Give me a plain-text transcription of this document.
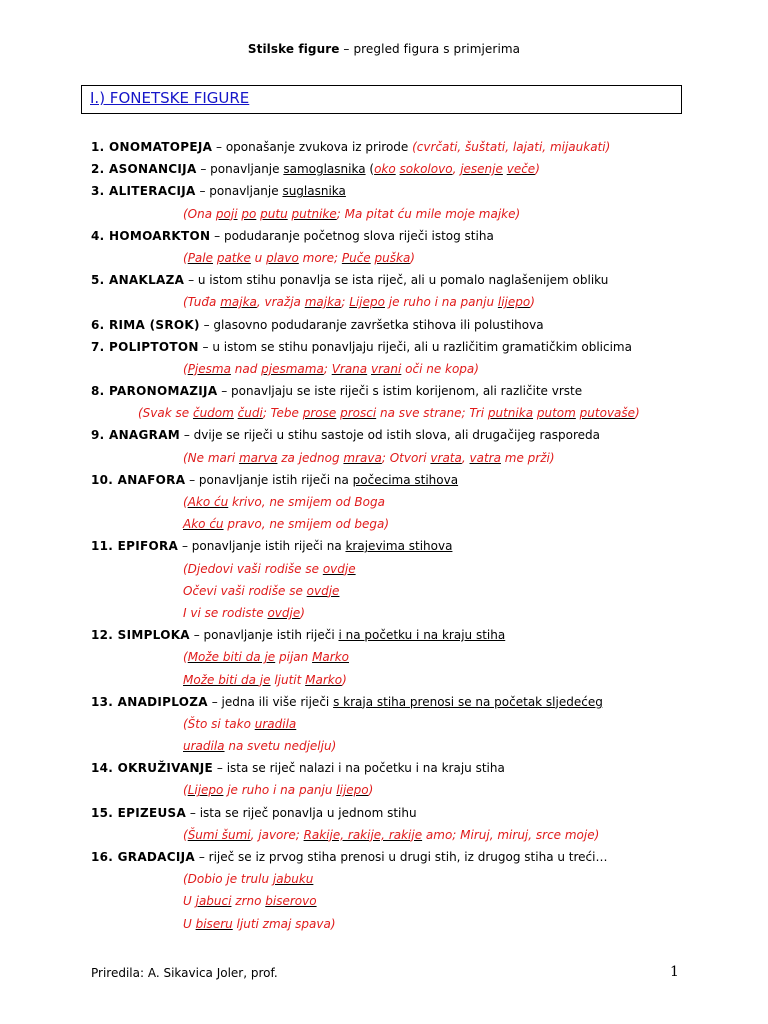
Stilske figure – pregled figura s primjerima
I.) FONETSKE FIGURE
1. ONOMATOPEJA – oponašanje zvukova iz prirode (cvrčati, šuštati, lajati, mijaukati)
2. ASONANCIJA – ponavljanje samoglasnika (oko sokolovo, jesenje veče)
3. ALITERACIJA – ponavljanje suglasnika
(Ona poji po putu putnike; Ma pitat ću mile moje majke)
4. HOMOARKTON – podudaranje početnog slova riječi istog stiha
(Pale patke u plavo more; Puče puška)
5. ANAKLAZA – u istom stihu ponavlja se ista riječ, ali u pomalo naglašenijem obliku
(Tuđa majka, vražja majka; Lijepo je ruho i na panju lijepo)
6. RIMA (SROK) – glasovno podudaranje završetka stihova ili polustihova
7. POLIPTOTON – u istom se stihu ponavljaju riječi, ali u različitim gramatičkim oblicima
(Pjesma nad pjesmama; Vrana vrani oči ne kopa)
8. PARONOMAZIJA – ponavljaju se iste riječi s istim korijenom, ali različite vrste
(Svak se čudom čudi; Tebe prose prosci na sve strane; Tri putnika putom putovaše)
9. ANAGRAM – dvije se riječi u stihu sastoje od istih slova, ali drugačijeg rasporeda
(Ne mari marva za jednog mrava; Otvori vrata, vatra me prži)
10. ANAFORA – ponavljanje istih riječi na počecima stihova
(Ako ću krivo, ne smijem od Boga
Ako ću pravo, ne smijem od bega)
11. EPIFORA – ponavljanje istih riječi na krajevima stihova
(Djedovi vaši rodiše se ovdje
Očevi vaši rodiše se ovdje
I vi se rodiste ovdje)
12. SIMPLOKA – ponavljanje istih riječi i na početku i na kraju stiha
(Može biti da je pijan Marko
Može biti da je ljutit Marko)
13. ANADIPLOZA – jedna ili više riječi s kraja stiha prenosi se na početak sljedećeg
(Što si tako uradila
uradila na svetu nedjelju)
14. OKRUŽIVANJE – ista se riječ nalazi i na početku i na kraju stiha
(Lijepo je ruho i na panju lijepo)
15. EPIZEUSA – ista se riječ ponavlja u jednom stihu
(Šumi šumi, javore; Rakije, rakije, rakije amo; Miruj, miruj, srce moje)
16. GRADACIJA – riječ se iz prvog stiha prenosi u drugi stih, iz drugog stiha u treći…
(Dobio je trulu jabuku
U jabuci zrno biserovo
U biseru ljuti zmaj spava)
Priredila: A. Sikavica Joler, prof.	1
